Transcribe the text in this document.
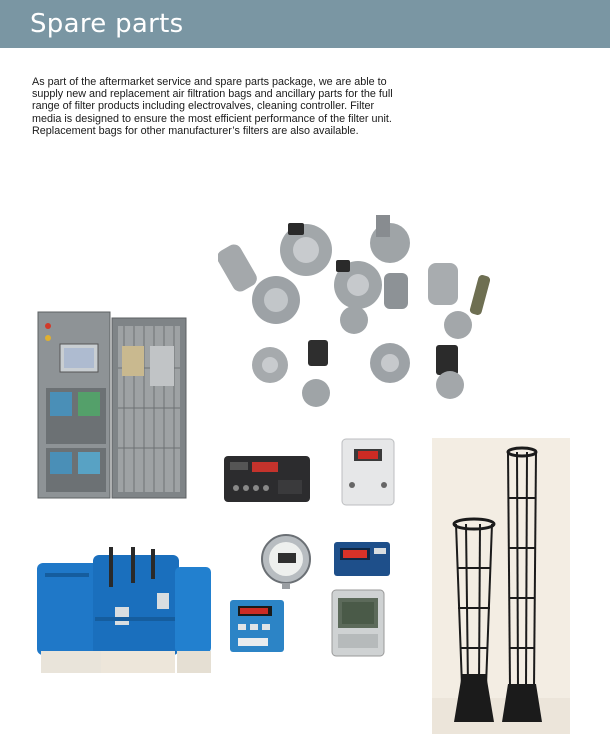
Spare parts

As part of the aftermarket service and spare parts package, we are able to supply new and replacement air filtration bags and ancillary parts for the full range of filter products including electrovalves, cleaning controller. Filter media is designed to ensure the most efficient performance of the filter unit.

Replacement bags for other manufacturer’s filters are also available.
